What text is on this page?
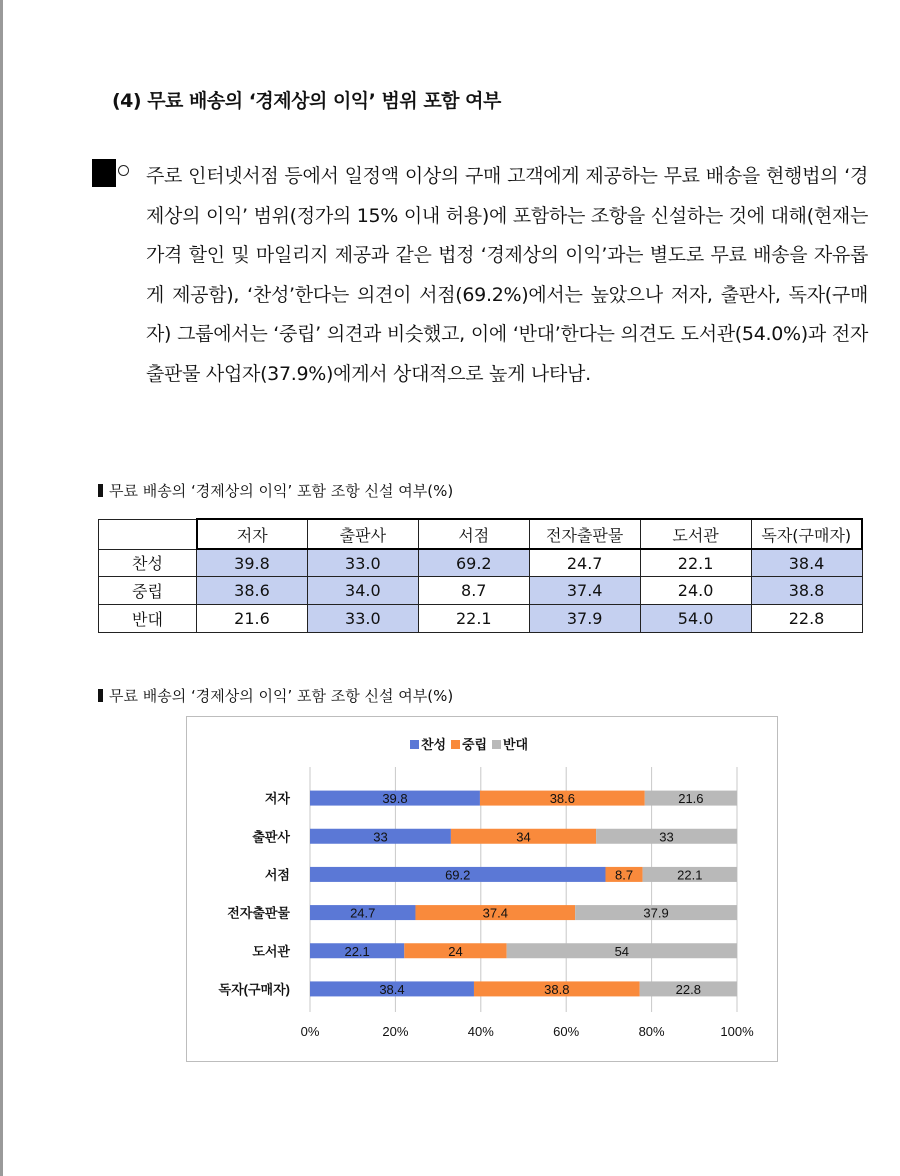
(4) 무료 배송의 ‘경제상의 이익’ 범위 포함 여부
주로 인터넷서점 등에서 일정액 이상의 구매 고객에게 제공하는 무료 배송을 현행법의 ‘경제상의 이익’ 범위(정가의 15% 이내 허용)에 포함하는 조항을 신설하는 것에 대해(현재는 가격 할인 및 마일리지 제공과 같은 법정 ‘경제상의 이익’과는 별도로 무료 배송을 자유롭게 제공함), ‘찬성’한다는 의견이 서점(69.2%)에서는 높았으나 저자, 출판사, 독자(구매자) 그룹에서는 ‘중립’ 의견과 비슷했고, 이에 ‘반대’한다는 의견도 도서관(54.0%)과 전자출판물 사업자(37.9%)에게서 상대적으로 높게 나타남.
무료 배송의 ‘경제상의 이익’ 포함 조항 신설 여부(%)
	저자	출판사	서점	전자출판물	도서관	독자(구매자)
찬성	39.8	33.0	69.2	24.7	22.1	38.4
중립	38.6	34.0	8.7	37.4	24.0	38.8
반대	21.6	33.0	22.1	37.9	54.0	22.8
무료 배송의 ‘경제상의 이익’ 포함 조항 신설 여부(%)
0%	20%	40%	60%	80%	100%
찬성 중립 반대
저자	39.8	38.6	21.6
출판사	33	34	33
서점	69.2	8.7	22.1
전자출판물	24.7	37.4	37.9
도서관	22.1	24	54
독자(구매자)	38.4	38.8	22.8
